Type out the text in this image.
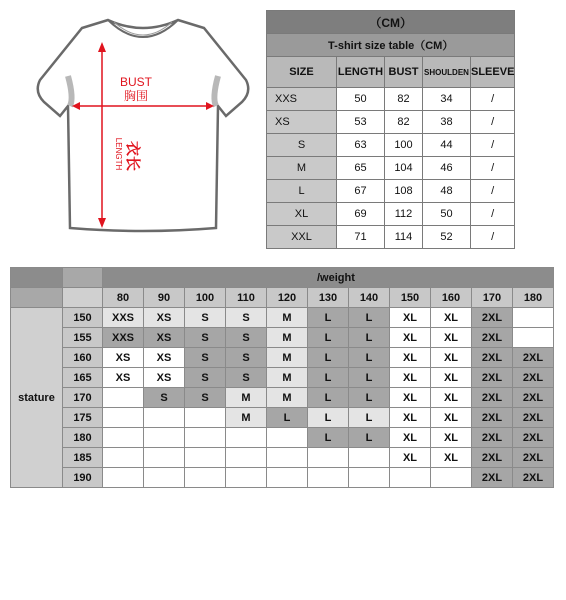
BUST
胸围
LENGTH 衣长
（CM）				
T-shirt size table（CM）				
SIZE	LENGTH	BUST	SHOULDEN	SLEEVE
XXS	50	82	34	/
XS	53	82	38	/
S	63	100	44	/
M	65	104	46	/
L	67	108	48	/
XL	69	112	50	/
XXL	71	114	52	/
		/weight										
		80	90	100	110	120	130	140	150	160	170	180
stature	150	XXS	XS	S	S	M	L	L	XL	XL	2XL	
	155	XXS	XS	S	S	M	L	L	XL	XL	2XL	
	160	XS	XS	S	S	M	L	L	XL	XL	2XL	2XL
	165	XS	XS	S	S	M	L	L	XL	XL	2XL	2XL
	170		S	S	M	M	L	L	XL	XL	2XL	2XL
	175				M	L	L	L	XL	XL	2XL	2XL
	180						L	L	XL	XL	2XL	2XL
	185								XL	XL	2XL	2XL
	190										2XL	2XL
